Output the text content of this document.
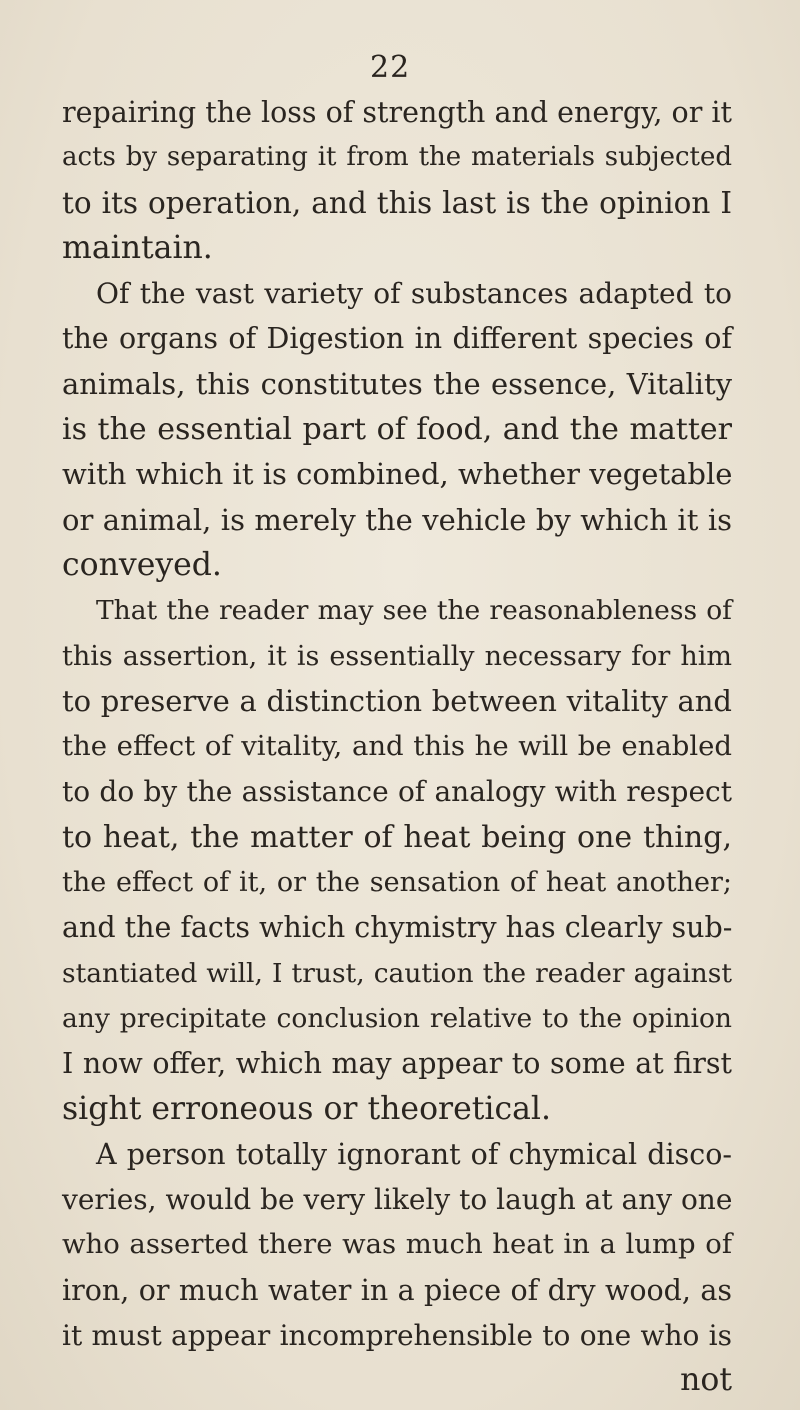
22
repairing the loss of strength and energy, or it
acts by separating it from the materials subjected
to its operation, and this last is the opinion I
maintain.
Of the vast variety of substances adapted to
the organs of Digestion in different species of
animals, this constitutes the essence, Vitality
is the essential part of food, and the matter
with which it is combined, whether vegetable
or animal, is merely the vehicle by which it is
conveyed.
That the reader may see the reasonableness of
this assertion, it is essentially necessary for him
to preserve a distinction between vitality and
the effect of vitality, and this he will be enabled
to do by the assistance of analogy with respect
to heat, the matter of heat being one thing,
the effect of it, or the sensation of heat another;
and the facts which chymistry has clearly sub-
stantiated will, I trust, caution the reader against
any precipitate conclusion relative to the opinion
I now offer, which may appear to some at first
sight erroneous or theoretical.
A person totally ignorant of chymical disco-
veries, would be very likely to laugh at any one
who asserted there was much heat in a lump of
iron, or much water in a piece of dry wood, as
it must appear incomprehensible to one who is
not
